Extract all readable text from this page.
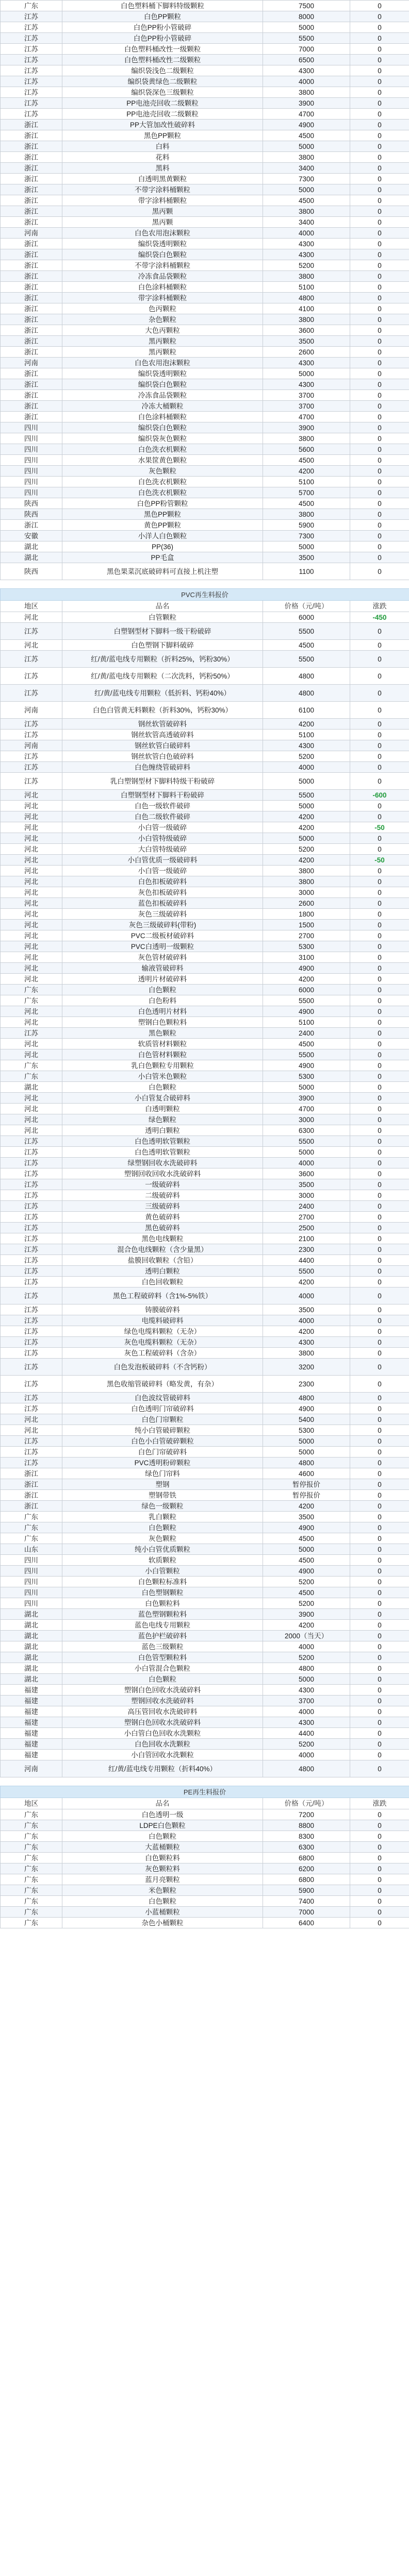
广东	白色塑料桶下脚料特级颗粒	7500	0
江苏	白色PP颗粒	8000	0
江苏	白色PP粉小管破碎	5000	0
江苏	白色PP粉小管破碎	5500	0
江苏	白色塑料桶改性一级颗粒	7000	0
江苏	白色塑料桶改性二级颗粒	6500	0
江苏	编织袋浅色二级颗粒	4300	0
江苏	编织袋黄绿色二级颗粒	4000	0
江苏	编织袋深色三级颗粒	3800	0
江苏	PP电池壳回收二级颗粒	3900	0
江苏	PP电池壳回收二级颗粒	4700	0
浙江	PP大管加改性破碎料	4900	0
浙江	黑色PP颗粒	4500	0
浙江	白料	5000	0
浙江	花料	3800	0
浙江	黑料	3400	0
浙江	白透明黑黄颗粒	7300	0
浙江	不带字涂料桶颗粒	5000	0
浙江	带字涂料桶颗粒	4500	0
浙江	黑丙颗	3800	0
浙江	黑丙颗	3400	0
河南	白色农用泡沫颗粒	4000	0
浙江	编织袋透明颗粒	4300	0
浙江	编织袋白色颗粒	4300	0
浙江	不带字涂料桶颗粒	5200	0
浙江	冷冻食品袋颗粒	3800	0
浙江	白色涂料桶颗粒	5100	0
浙江	带字涂料桶颗粒	4800	0
浙江	色丙颗粒	4100	0
浙江	杂色颗粒	3800	0
浙江	大色丙颗粒	3600	0
浙江	黑丙颗粒	3500	0
浙江	黑丙颗粒	2600	0
河南	白色农用泡沫颗粒	4300	0
浙江	编织袋透明颗粒	5000	0
浙江	编织袋白色颗粒	4300	0
浙江	冷冻食品袋颗粒	3700	0
浙江	冷冻大桶颗粒	3700	0
浙江	白色涂料桶颗粒	4700	0
四川	编织袋白色颗粒	3900	0
四川	编织袋灰色颗粒	3800	0
四川	白色洗衣机颗粒	5600	0
四川	水果筐黄色颗粒	4500	0
四川	灰色颗粒	4200	0
四川	白色洗衣机颗粒	5100	0
四川	白色洗衣机颗粒	5700	0
陕西	白色PP粉管颗粒	4500	0
陕西	黑色PP颗粒	3800	0
浙江	黄色PP颗粒	5900	0
安徽	小洋人白色颗粒	7300	0
湖北	PP(36)	5000	0
湖北	PP毛盒	3500	0
陕西	黑色果菜沉底破碎料可直接上机注塑	1100	0
PVC再生料报价			
地区	品名	价格（元/吨）	涨跌
河北	白管颗粒	6000	-450
江苏	白塑钢型材下脚料一级干粉破碎	5500	0
河北	白色塑钢下脚料破碎	4500	0
江苏	红/黄/蓝电线专用颗粒（折料25%，钙粉30%）	5500	0
江苏	红/黄/蓝电线专用颗粒（二次洗料，钙粉50%）	4800	0
江苏	红/黄/蓝电线专用颗粒（低折料、钙粉40%）	4800	0
河南	白色白管黄无料颗粒（折料30%，钙粉30%）	6100	0
江苏	钢丝软管破碎料	4200	0
江苏	钢丝软管高透破碎料	5100	0
河南	钢丝软管白破碎料	4300	0
江苏	钢丝软管白色破碎料	5200	0
江苏	白色缠绕管破碎料	4000	0
江苏	乳白塑钢型材下脚料特级干粉破碎	5000	0
河北	白塑钢型材下脚料干粉破碎	5500	-600
河北	白色一级软件破碎	5000	0
河北	白色二级软件破碎	4200	0
河北	小白管一级破碎	4200	-50
河北	小白管特级破碎	5000	0
河北	大白管特级破碎	5200	0
河北	小白管优质一级破碎料	4200	-50
河北	小白管一级破碎	3800	0
河北	白色扣板破碎料	3800	0
河北	灰色扣板破碎料	3000	0
河北	蓝色扣板破碎料	2600	0
河北	灰色三级破碎料	1800	0
河北	灰色三级破碎料(带粉)	1500	0
河北	PVC二级板材破碎料	2700	0
河北	PVC白透明一级颗粒	5300	0
河北	灰色管材破碎料	3100	0
河北	输液管破碎料	4900	0
河北	透明片材破碎料	4200	0
广东	白色颗粒	6000	0
广东	白色粉料	5500	0
河北	白色透明片材料	4900	0
河北	塑钢白色颗粒料	5100	0
江苏	黑色颗粒	2400	0
河北	软质管材料颗粒	4500	0
河北	白色管材料颗粒	5500	0
广东	乳白色颗粒专用颗粒	4900	0
广东	小白管米色颗粒	5300	0
湖北	白色颗粒	5000	0
河北	小白管复合破碎料	3900	0
河北	白透明颗粒	4700	0
河北	绿色颗粒	3000	0
河北	透明白颗粒	6300	0
江苏	白色透明软管颗粒	5500	0
江苏	白色透明软管颗粒	5000	0
江苏	绿塑钢回收水洗破碎料	4000	0
江苏	塑钢回收回收水洗破碎料	3600	0
江苏	一级破碎料	3500	0
江苏	二级破碎料	3000	0
江苏	三级破碎料	2400	0
江苏	黄色破碎料	2700	0
江苏	黑色破碎料	2500	0
江苏	黑色电线颗粒	2100	0
江苏	混合色电线颗粒（含少量黑）	2300	0
江苏	盐膜回收颗粒（含铅）	4400	0
江苏	透明白颗粒	5500	0
江苏	白色回收颗粒	4200	0
江苏	黑色工程破碎料（含1%-5%铁）	4000	0
江苏	铸膜破碎料	3500	0
江苏	电缆料破碎料	4000	0
江苏	绿色电缆料颗粒（无杂）	4200	0
江苏	灰色电缆料颗粒（无杂）	4300	0
江苏	灰色工程破碎料（含杂）	3800	0
江苏	白色发泡板破碎料（不含钙粉）	3200	0
江苏	黑色收缩管破碎料（略发黄，有杂）	2300	0
江苏	白色波纹管破碎料	4800	0
江苏	白色透明门帘破碎料	4900	0
河北	白色门帘颗粒	5400	0
河北	纯小白管破碎颗粒	5300	0
江苏	白色小白管破碎颗粒	5000	0
江苏	白色门帘破碎料	5000	0
江苏	PVC透明粉碎颗粒	4800	0
浙江	绿色门帘料	4600	0
浙江	塑钢	暂停报价	0
浙江	塑钢带铁	暂停报价	0
浙江	绿色一级颗粒	4200	0
广东	乳白颗粒	3500	0
广东	白色颗粒	4900	0
广东	灰色颗粒	4500	0
山东	纯小白管优质颗粒	5000	0
四川	软质颗粒	4500	0
四川	小白管颗粒	4900	0
四川	白色颗粒标准料	5200	0
四川	白色塑钢颗粒	4500	0
四川	白色颗粒料	5200	0
湖北	蓝色塑钢颗粒料	3900	0
湖北	蓝色电线专用颗粒	4200	0
湖北	蓝色护栏破碎料	2000（当天）	0
湖北	蓝色三级颗粒	4000	0
湖北	白色管型颗粒料	5200	0
湖北	小白管混合色颗粒	4800	0
湖北	白色颗粒	5000	0
福建	塑钢白色回收水洗破碎料	4300	0
福建	塑钢回收水洗破碎料	3700	0
福建	高压管回收水洗破碎料	4000	0
福建	塑钢白色回收水洗破碎料	4300	0
福建	小白管白色回收水洗颗粒	4400	0
福建	白色回收水洗颗粒	5200	0
福建	小白管回收水洗颗粒	4000	0
河南	红/黄/蓝电线专用颗粒（折料40%）	4800	0
PE再生料报价			
地区	品名	价格（元/吨）	涨跌
广东	白色透明一级	7200	0
广东	LDPE白色颗粒	8800	0
广东	白色颗粒	8300	0
广东	大蓝桶颗粒	6300	0
广东	白色颗粒料	6800	0
广东	灰色颗粒料	6200	0
广东	蓝月亮颗粒	6800	0
广东	米色颗粒	5900	0
广东	白色颗粒	7400	0
广东	小蓝桶颗粒	7000	0
广东	杂色小桶颗粒	6400	0
